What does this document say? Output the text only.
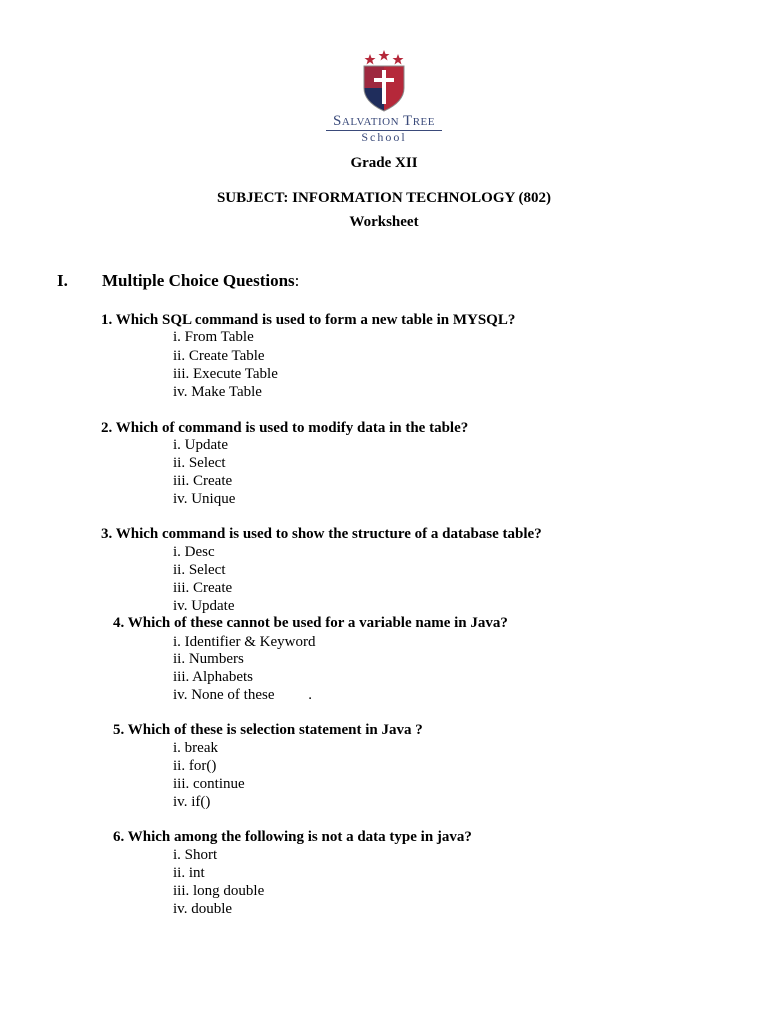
Salvation Tree
School
Grade XII
SUBJECT: INFORMATION TECHNOLOGY (802)
Worksheet
I. Multiple Choice Questions:
1. Which SQL command is used to form a new table in MYSQL?
i. From Table
ii. Create Table
iii. Execute Table
iv. Make Table
2. Which of command is used to modify data in the table?
i. Update
ii. Select
iii. Create
iv. Unique
3. Which command is used to show the structure of a database table?
i. Desc
ii. Select
iii. Create
iv. Update
4. Which of these cannot be used for a variable name in Java?
i. Identifier & Keyword
ii. Numbers
iii. Alphabets
iv. None of these         .
5. Which of these is selection statement in Java ?
i. break
ii. for()
iii. continue
iv. if()
6. Which among the following is not a data type in java?
i. Short
ii. int
iii. long double
iv. double
